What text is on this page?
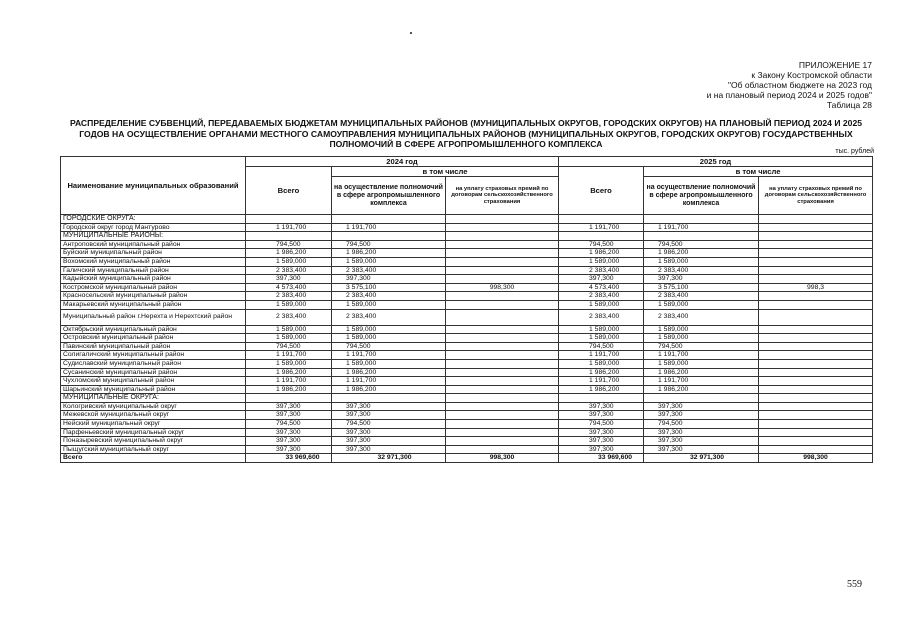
ПРИЛОЖЕНИЕ 17
к Закону Костромской области
"Об областном бюджете на 2023 год
и на плановый период 2024 и 2025 годов"
Таблица 28
РАСПРЕДЕЛЕНИЕ СУБВЕНЦИЙ, ПЕРЕДАВАЕМЫХ БЮДЖЕТАМ МУНИЦИПАЛЬНЫХ РАЙОНОВ (МУНИЦИПАЛЬНЫХ ОКРУГОВ, ГОРОДСКИХ ОКРУГОВ) НА ПЛАНОВЫЙ ПЕРИОД 2024 И 2025 ГОДОВ НА ОСУЩЕСТВЛЕНИЕ ОРГАНАМИ МЕСТНОГО САМОУПРАВЛЕНИЯ МУНИЦИПАЛЬНЫХ РАЙОНОВ (МУНИЦИПАЛЬНЫХ ОКРУГОВ, ГОРОДСКИХ ОКРУГОВ) ГОСУДАРСТВЕННЫХ ПОЛНОМОЧИЙ В СФЕРЕ АГРОПРОМЫШЛЕННОГО КОМПЛЕКСА
тыс. рублей
Наименование муниципальных образований	2024 год			2025 год		
	Всего	в том числе		Всего	в том числе	
		на осуществление полномочий в сфере агропромышленного комплекса	на уплату страховых премий по договорам сельскохозяйственного страхования		на осуществление полномочий в сфере агропромышленного комплекса	на уплату страховых премий по договорам сельскохозяйственного страхования
ГОРОДСКИЕ ОКРУГА:						
Городской округ город Мантурово	1 191,700	1 191,700		1 191,700	1 191,700	
МУНИЦИПАЛЬНЫЕ РАЙОНЫ:						
Антроповский муниципальный район	794,500	794,500		794,500	794,500	
Буйский муниципальный район	1 986,200	1 986,200		1 986,200	1 986,200	
Вохомский муниципальный район	1 589,000	1 589,000		1 589,000	1 589,000	
Галичский муниципальный район	2 383,400	2 383,400		2 383,400	2 383,400	
Кадыйский муниципальный район	397,300	397,300		397,300	397,300	
Костромской муниципальный район	4 573,400	3 575,100	998,300	4 573,400	3 575,100	998,3
Красносельский муниципальный район	2 383,400	2 383,400		2 383,400	2 383,400	
Макарьевский муниципальный район	1 589,000	1 589,000		1 589,000	1 589,000	
Муниципальный район г.Нерехта и Нерехтский район	2 383,400	2 383,400		2 383,400	2 383,400	
Октябрьский муниципальный район	1 589,000	1 589,000		1 589,000	1 589,000	
Островский муниципальный район	1 589,000	1 589,000		1 589,000	1 589,000	
Павинский муниципальный район	794,500	794,500		794,500	794,500	
Солигаличский муниципальный район	1 191,700	1 191,700		1 191,700	1 191,700	
Судиславский муниципальный район	1 589,000	1 589,000		1 589,000	1 589,000	
Сусанинский муниципальный район	1 986,200	1 986,200		1 986,200	1 986,200	
Чухломский муниципальный район	1 191,700	1 191,700		1 191,700	1 191,700	
Шарьинский муниципальный район	1 986,200	1 986,200		1 986,200	1 986,200	
МУНИЦИПАЛЬНЫЕ ОКРУГА:						
Кологривский муниципальный округ	397,300	397,300		397,300	397,300	
Межевской муниципальный округ	397,300	397,300		397,300	397,300	
Нейский муниципальный округ	794,500	794,500		794,500	794,500	
Парфеньевский муниципальный округ	397,300	397,300		397,300	397,300	
Поназыревский муниципальный округ	397,300	397,300		397,300	397,300	
Пыщугский муниципальный округ	397,300	397,300		397,300	397,300	
Всего	33 969,600	32 971,300	998,300	33 969,600	32 971,300	998,300
559
